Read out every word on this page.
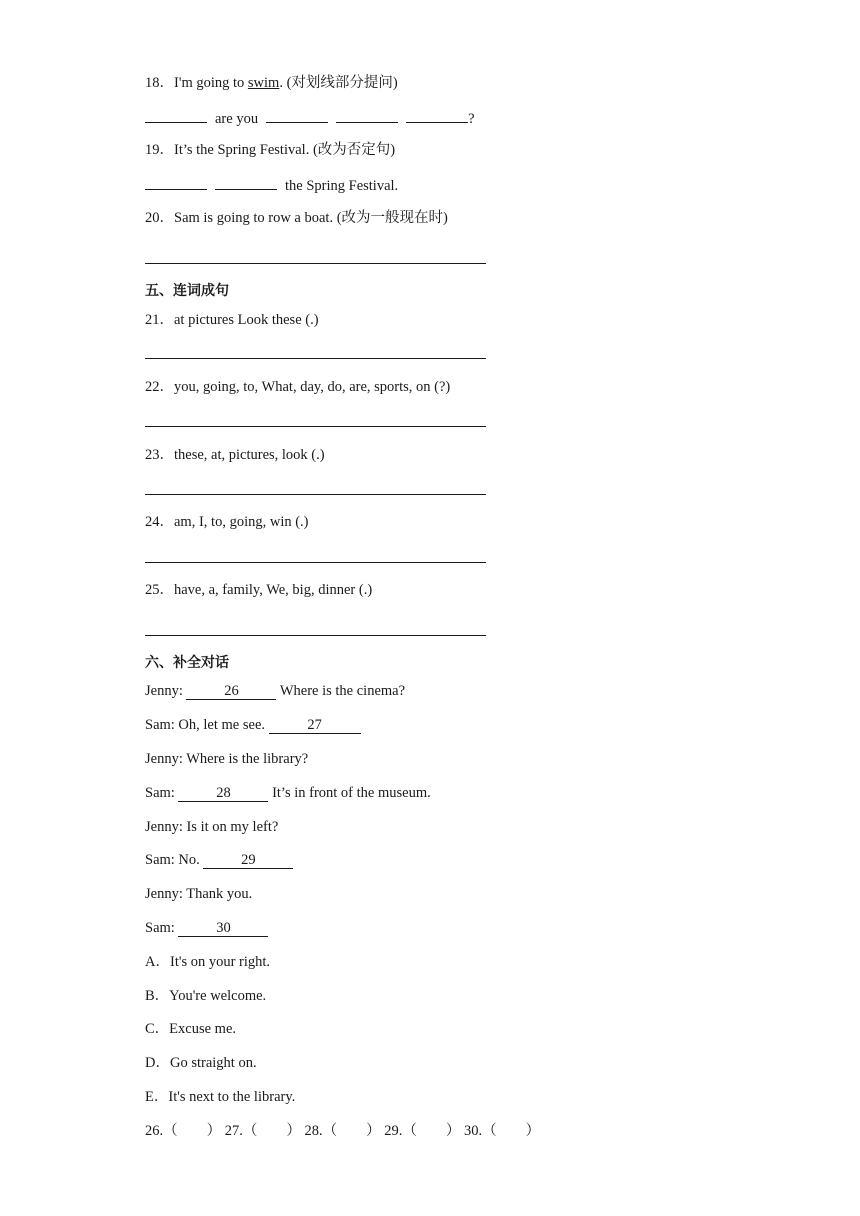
18．I'm going to swim. (对划线部分提问)
are you	?
19．It’s the Spring Festival. (改为否定句)
the Spring Festival.
20．Sam is going to row a boat. (改为一般现在时)
五、连词成句
21．at pictures Look these (.)
22．you, going, to, What, day, do, are, sports, on (?)
23．these, at, pictures, look (.)
24．am, I, to, going, win (.)
25．have, a, family, We, big, dinner (.)
六、补全对话
Jenny:	26	Where is the cinema?
Sam: Oh, let me see.	27
Jenny: Where is the library?
Sam:	28	It’s in front of the museum.
Jenny: Is it on my left?
Sam: No.	29
Jenny: Thank you.
Sam:	30
A．It's on your right.
B．You're welcome.
C．Excuse me.
D．Go straight on.
E．It's next to the library.
26.（　　） 27.（　　） 28.（　　） 29.（　　） 30.（　　）
